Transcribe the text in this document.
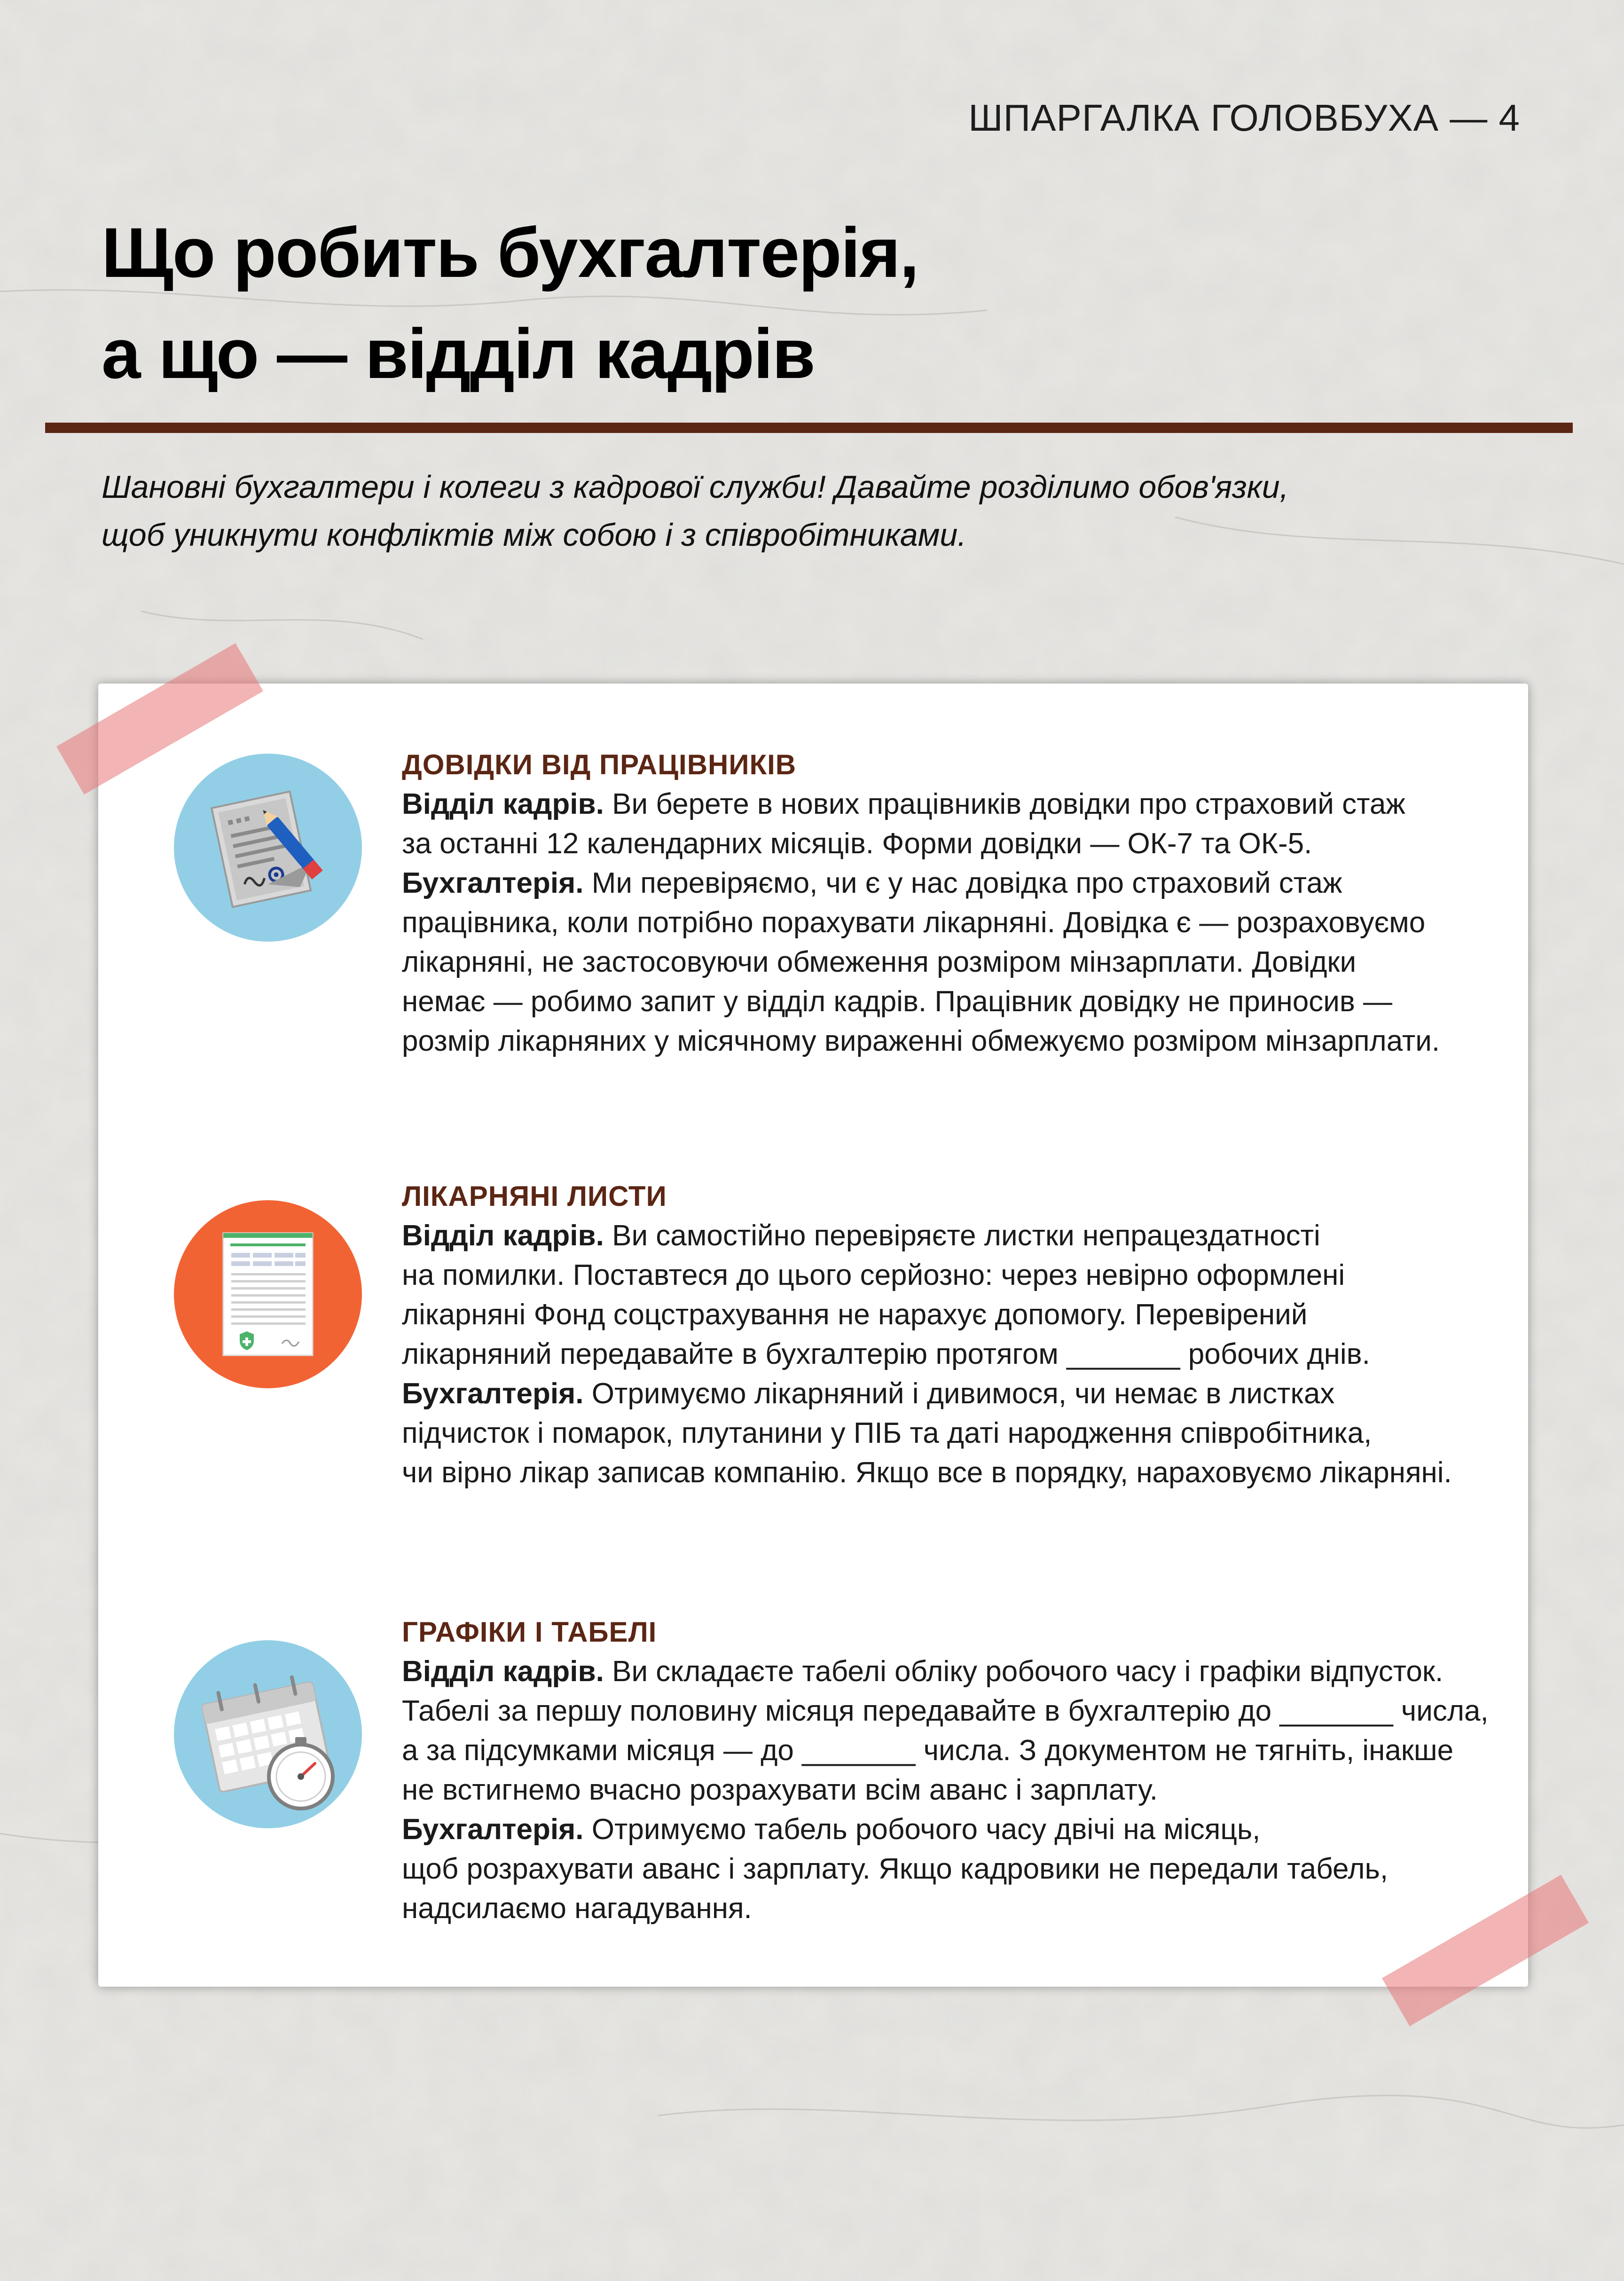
ШПАРГАЛКА ГОЛОВБУХА — 4
Що робить бухгалтерія,
а що — відділ кадрів

Шановні бухгалтери і колеги з кадрової служби! Давайте розділимо обов'язки,
щоб уникнути конфліктів між собою і з співробітниками.

ДОВІДКИ ВІД ПРАЦІВНИКІВ
Відділ кадрів. Ви берете в нових працівників довідки про страховий стаж
за останні 12 календарних місяців. Форми довідки — ОК-7 та ОК-5.
Бухгалтерія. Ми перевіряємо, чи є у нас довідка про страховий стаж
працівника, коли потрібно порахувати лікарняні. Довідка є — розраховуємо
лікарняні, не застосовуючи обмеження розміром мінзарплати. Довідки
немає — робимо запит у відділ кадрів. Працівник довідку не приносив —
розмір лікарняних у місячному вираженні обмежуємо розміром мінзарплати.
ЛІКАРНЯНІ ЛИСТИ
Відділ кадрів. Ви самостійно перевіряєте листки непрацездатності
на помилки. Поставтеся до цього серйозно: через невірно оформлені
лікарняні Фонд соцстрахування не нарахує допомогу. Перевірений
лікарняний передавайте в бухгалтерію протягом _______ робочих днів.
Бухгалтерія. Отримуємо лікарняний і дивимося, чи немає в листках
підчисток і помарок, плутанини у ПІБ та даті народження співробітника,
чи вірно лікар записав компанію. Якщо все в порядку, нараховуємо лікарняні.
ГРАФІКИ І ТАБЕЛІ
Відділ кадрів. Ви складаєте табелі обліку робочого часу і графіки відпусток.
Табелі за першу половину місяця передавайте в бухгалтерію до _______ числа,
а за підсумками місяця — до _______ числа. З документом не тягніть, інакше
не встигнемо вчасно розрахувати всім аванс і зарплату.
Бухгалтерія. Отримуємо табель робочого часу двічі на місяць,
щоб розрахувати аванс і зарплату. Якщо кадровики не передали табель,
надсилаємо нагадування.
